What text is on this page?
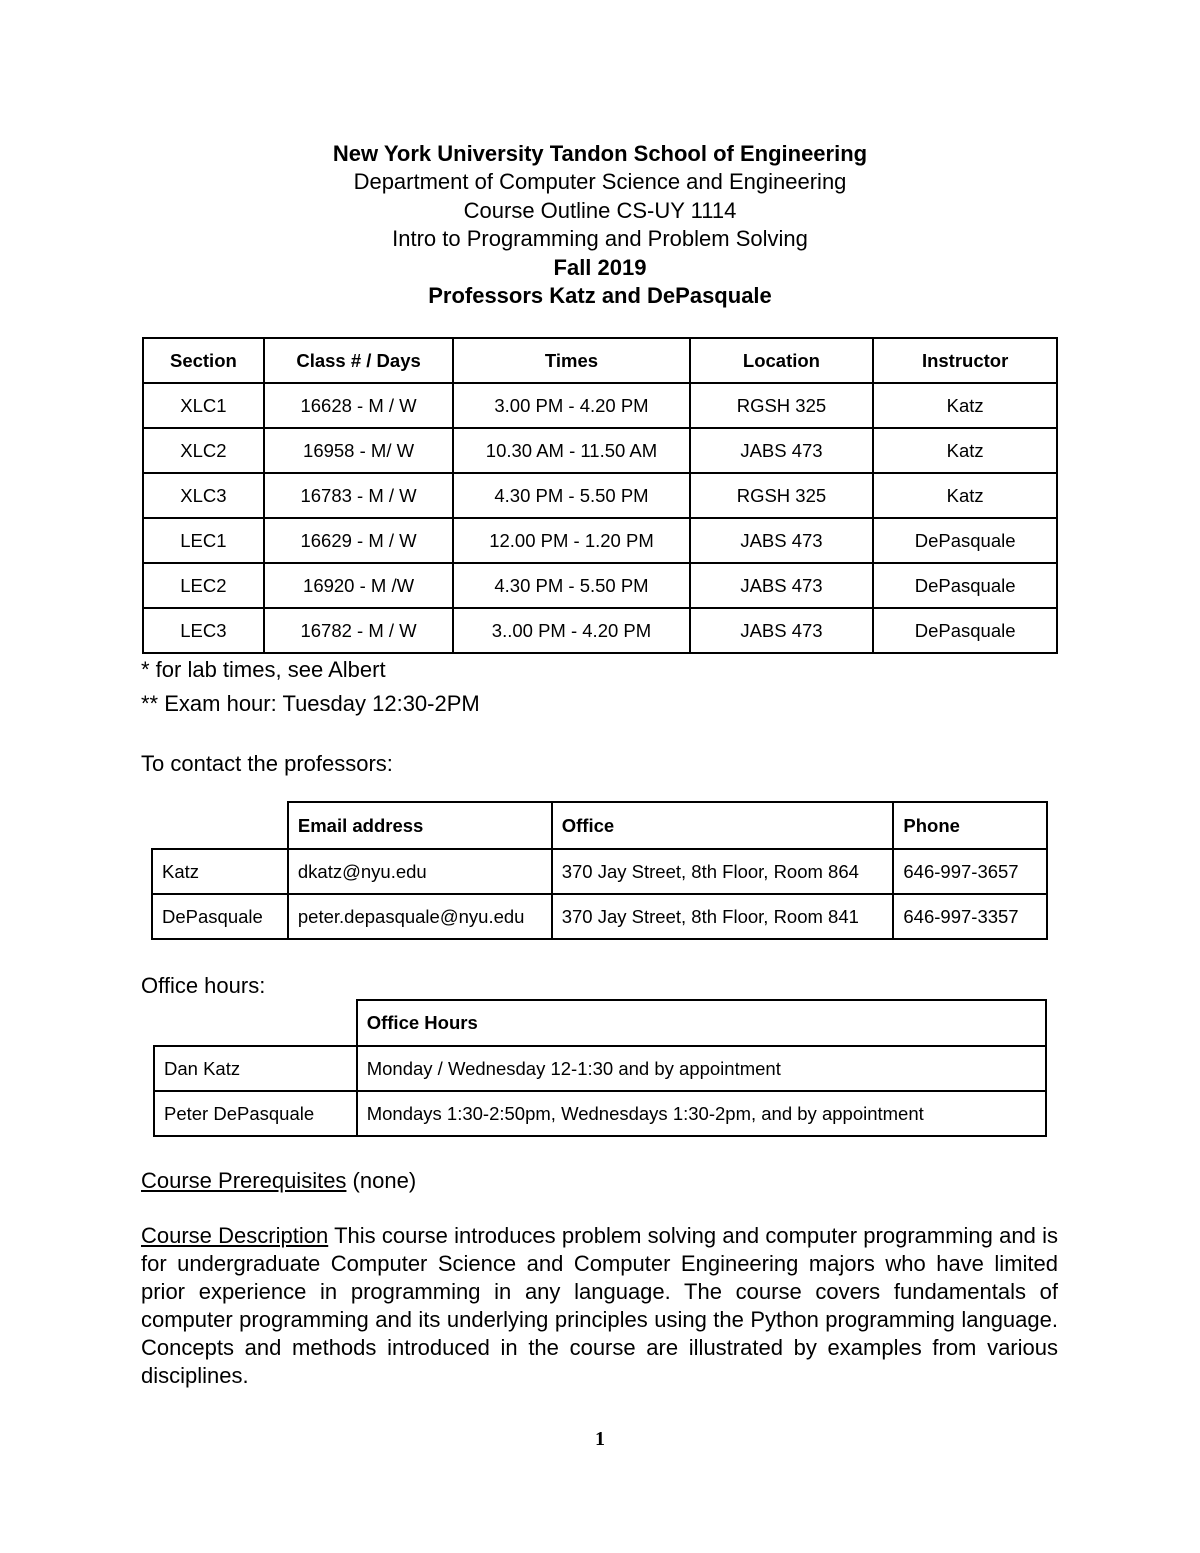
New York University Tandon School of Engineering
Department of Computer Science and Engineering
Course Outline CS-UY 1114
Intro to Programming and Problem Solving
Fall 2019
Professors Katz and DePasquale
Section	Class # / Days	Times	Location	Instructor
XLC1	16628 - M / W	3.00 PM - 4.20 PM	RGSH 325	Katz
XLC2	16958 - M/ W	10.30 AM - 11.50 AM	JABS 473	Katz
XLC3	16783 - M / W	4.30 PM - 5.50 PM	RGSH 325	Katz
LEC1	16629 - M / W	12.00 PM - 1.20 PM	JABS 473	DePasquale
LEC2	16920 - M /W	4.30 PM - 5.50 PM	JABS 473	DePasquale
LEC3	16782 - M / W	3..00 PM - 4.20 PM	JABS 473	DePasquale
* for lab times, see Albert
** Exam hour: Tuesday 12:30-2PM
To contact the professors:
	Email address	Office	Phone
Katz	dkatz@nyu.edu	370 Jay Street, 8th Floor, Room 864	646-997-3657
DePasquale	peter.depasquale@nyu.edu	370 Jay Street, 8th Floor, Room 841	646-997-3357
Office hours:
	Office Hours
Dan Katz	Monday / Wednesday 12-1:30 and by appointment
Peter DePasquale	Mondays 1:30-2:50pm, Wednesdays 1:30-2pm, and by appointment
Course Prerequisites (none)
Course Description This course introduces problem solving and computer programming and is for undergraduate Computer Science and Computer Engineering majors who have limited prior experience in programming in any language. The course covers fundamentals of computer programming and its underlying principles using the Python programming language. Concepts and methods introduced in the course are illustrated by examples from various disciplines.
1
